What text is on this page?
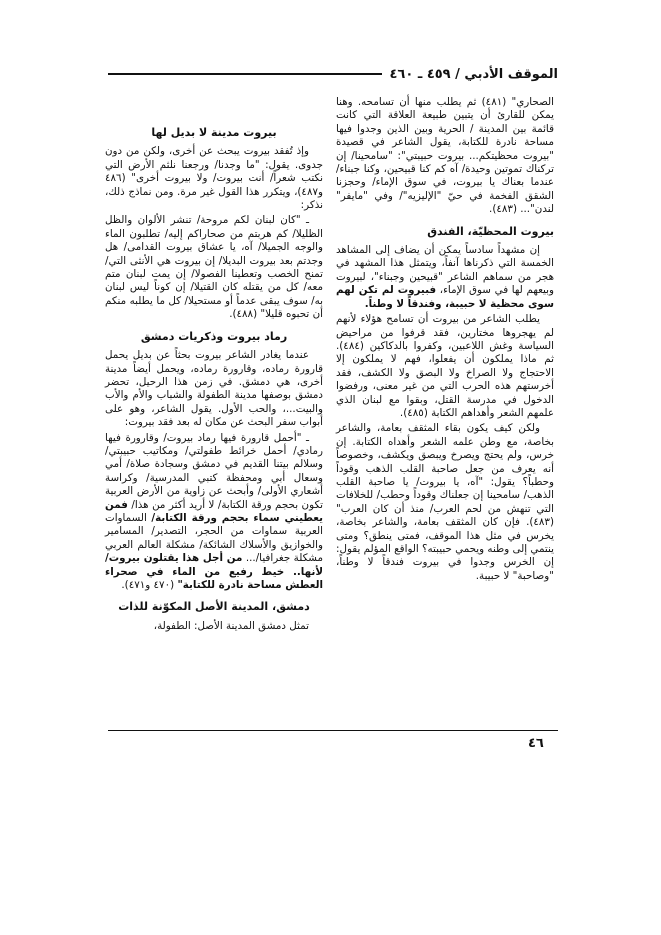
الموقف الأدبي / ٤٥٩ ـ ٤٦٠

الصحاري" (٤٨١) ثم يطلب منها أن تسامحه. وهنا يمكن للقارئ أن يتبين طبيعة العلاقة التي كانت قائمة بين المدينة / الحرية وبين الذين وجدوا فيها مساحة نادرة للكتابة، يقول الشاعر في قصيدة "بيروت محظيتكم... بيروت حبيبتي": "سامحينا/ إن تركناك تموتين وحيدة/ آه كم كنا قبيحين، وكنا جبناء/ عندما بعناك يا بيروت، في سوق الإماء/ وحجزنا الشقق الفخمة في حيّ "الإليزيه"/ وفي "مايفر" لندن"... (٤٨٣).

بيروت المحظيّة، الفندق

إن مشهداً سادساً يمكن أن يضاف إلى المشاهد الخمسة التي ذكرناها آنفاً، ويتمثل هذا المشهد في هجر من سماهم الشاعر "قبيحين وجبناء"، لبيروت وبيعهم لها في سوق الإماء، فبيروت لم تكن لهم سوى محظية لا حبيبة، وفندقاً لا وطناً.

يطلب الشاعر من بيروت أن تسامح هؤلاء لأنهم لم يهجروها مختارين، فقد قرفوا من مراحيض السياسة وغش اللاعبين، وكفروا بالدكاكين (٤٨٤). ثم ماذا يملكون أن يفعلوا، فهم لا يملكون إلا الاحتجاج ولا الصراخ ولا البصق ولا الكشف، فقد أخرستهم هذه الحرب التي من غير معنى، ورفضوا الدخول في مدرسة القتل، وبقوا مع لبنان الذي علمهم الشعر وأهداهم الكتابة (٤٨٥).

ولكن كيف يكون بقاء المثقف بعامة، والشاعر بخاصة، مع وطن علمه الشعر وأهداه الكتابة. إن خرس، ولم يحتج ويصرخ ويبصق ويكشف، وخصوصاً أنه يعرف من جعل صاحبة القلب الذهب وقوداً وحطباً؟ يقول: "آه، يا بيروت/ يا صاحبة القلب الذهب/ سامحينا إن جعلناك وقوداً وحطب/ للخلافات التي تنهش من لحم العرب/ منذ أن كان العرب" (٤٨٣). فإن كان المثقف بعامة، والشاعر بخاصة، يخرس في مثل هذا الموقف، فمتى ينطق؟ ومتى ينتمي إلى وطنه ويحمي حبيبته؟ الواقع المؤلم يقول: إن الخرس وجدوا في بيروت فندقاً لا وطناً، "وصاحبة" لا حبيبة.

بيروت مدينة لا بديل لها

وإذ تُفقد بيروت يبحث عن أخرى، ولكن من دون جدوى. يقول: "ما وجدنا/ ورجعنا نلثم الأرض التي نكتب شعراً/ أنت بيروت/ ولا بيروت أخرى" (٤٨٦ و٤٨٧)، ويتكرر هذا القول غير مرة. ومن نماذج ذلك، نذكر:

ـ "كان لبنان لكم مروحة/ تنشر الألوان والظل الظليلا/ كم هربتم من صحاراكم إليه/ تطلبون الماء والوجه الجميلا/ آه، يا عشاق بيروت القدامى/ هل وجدتم بعد بيروت البديلا/ إن بيروت هي الأنثى التي/ تمنح الخصب وتعطينا الفصولا/ إن يمت لبنان متم معه/ كل من يقتله كان القتيلا/ إن كوناً ليس لبنان به/ سوف يبقى عدماً أو مستحيلا/ كل ما يطلبه منكم أن تحبوه قليلا" (٤٨٨).

رماد بيروت وذكريات دمشق

عندما يغادر الشاعر بيروت بحثاً عن بديل يحمل قارورة رماده، وقارورة رماده، ويحمل أيضاً مدينة أخرى، هي دمشق. في زمن هذا الرحيل، تحضر دمشق بوصفها مدينة الطفولة والشباب والأم والأب والبيت...، والحب الأول. يقول الشاعر، وهو على أبواب سفر البحث عن مكان له بعد فقد بيروت:

ـ "أحمل قارورة فيها رماد بيروت/ وقارورة فيها رمادي/ أحمل خرائط طفولتي/ ومكاتيب حبيبتي/ وسلالم بيتنا القديم في دمشق وسجادة صلاة/ أمي وسعال أبي ومحفظة كتبي المدرسية/ وكراسة أشعاري الأولى/ وأبحث عن زاوية من الأرض العربية تكون بحجم ورقة الكتابة/ لا أريد أكثر من هذا/ فمن يعطيني سماء بحجم ورقة الكتابة/ السماوات العربية سماوات من الحجر، التصدير/ المسامير والخوازيق والأسلاك الشائكة/ مشكلة العالم العربي مشكلة جغرافيا/... من أجل هذا يقتلون بيروت/ لأنها.. خيط رفيع من الماء في صحراء العطش مساحة نادرة للكتابة" (٤٧٠ و٤٧١).

دمشق، المدينة الأصل المكوّنة للذات

تمثل دمشق المدينة الأصل: الطفولة،

٤٦
